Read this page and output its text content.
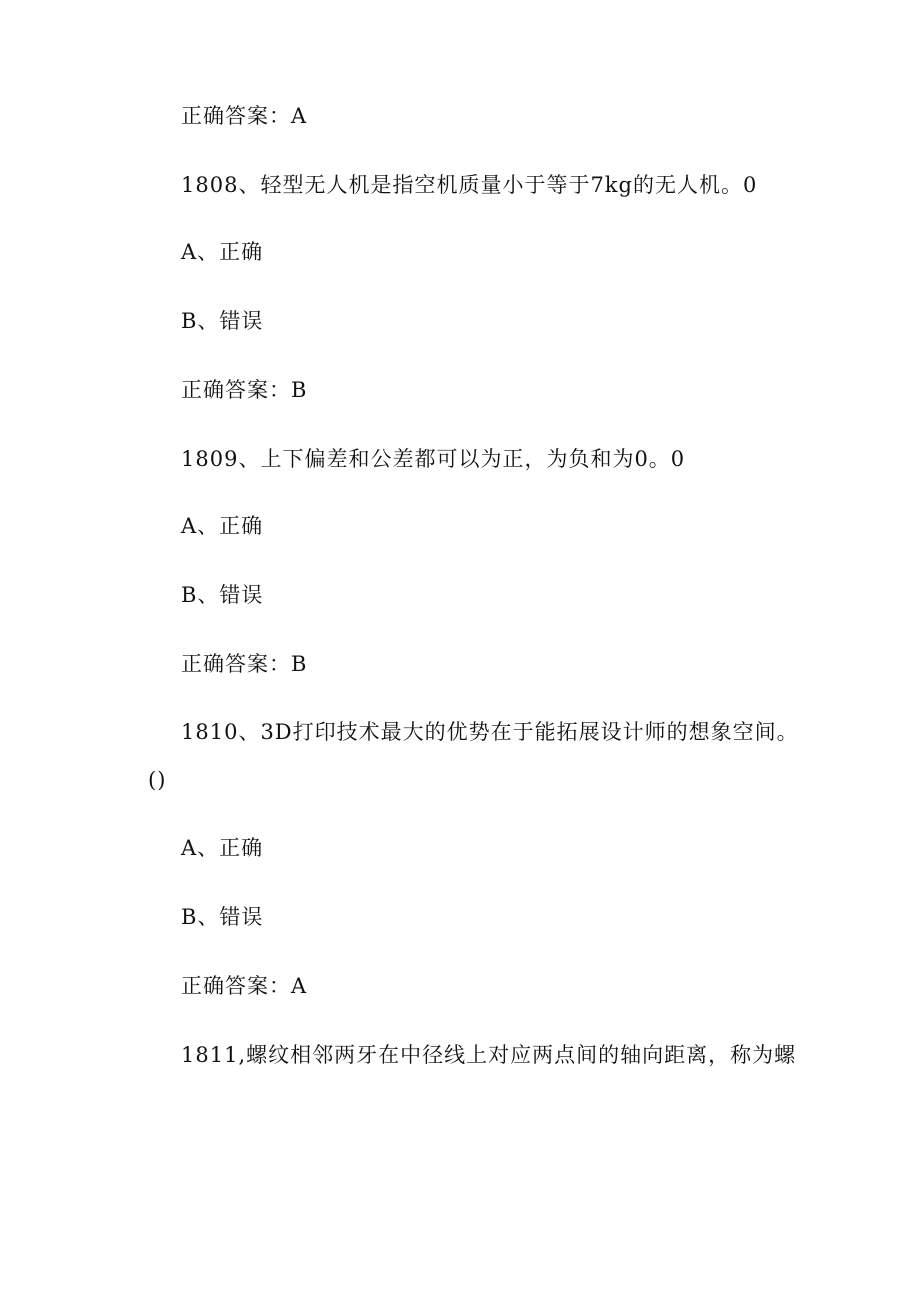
正确答案：A
1808、轻型无人机是指空机质量小于等于7kg的无人机。0
A、正确
B、错误
正确答案：B
1809、上下偏差和公差都可以为正，为负和为0。0
A、正确
B、错误
正确答案：B
1810、3D打印技术最大的优势在于能拓展设计师的想象空间。
()
A、正确
B、错误
正确答案：A
1811,螺纹相邻两牙在中径线上对应两点间的轴向距离，称为螺
